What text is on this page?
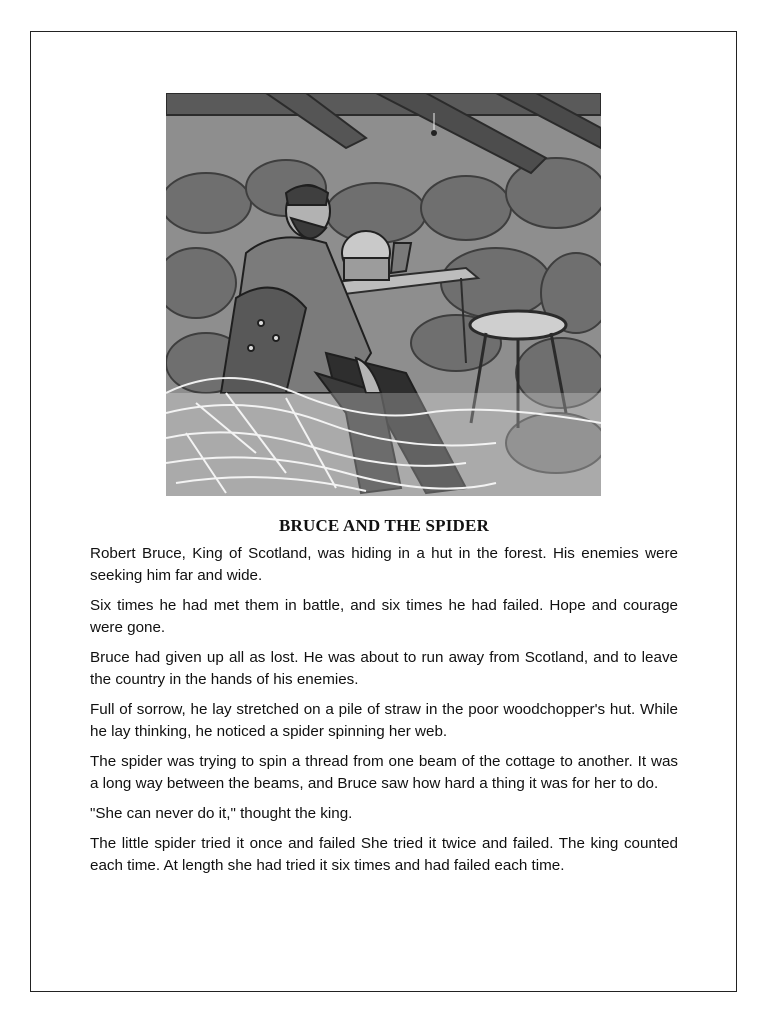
BRUCE AND THE SPIDER

Robert Bruce, King of Scotland, was hiding in a hut in the forest. His enemies were seeking him far and wide.

Six times he had met them in battle, and six times he had failed. Hope and courage were gone.

Bruce had given up all as lost. He was about to run away from Scotland, and to leave the country in the hands of his enemies.

Full of sorrow, he lay stretched on a pile of straw in the poor woodchopper's hut. While he lay thinking, he noticed a spider spinning her web.

The spider was trying to spin a thread from one beam of the cottage to another. It was a long way between the beams, and Bruce saw how hard a thing it was for her to do.

"She can never do it," thought the king.

The little spider tried it once and failed She tried it twice and failed. The king counted each time. At length she had tried it six times and had failed each time.
